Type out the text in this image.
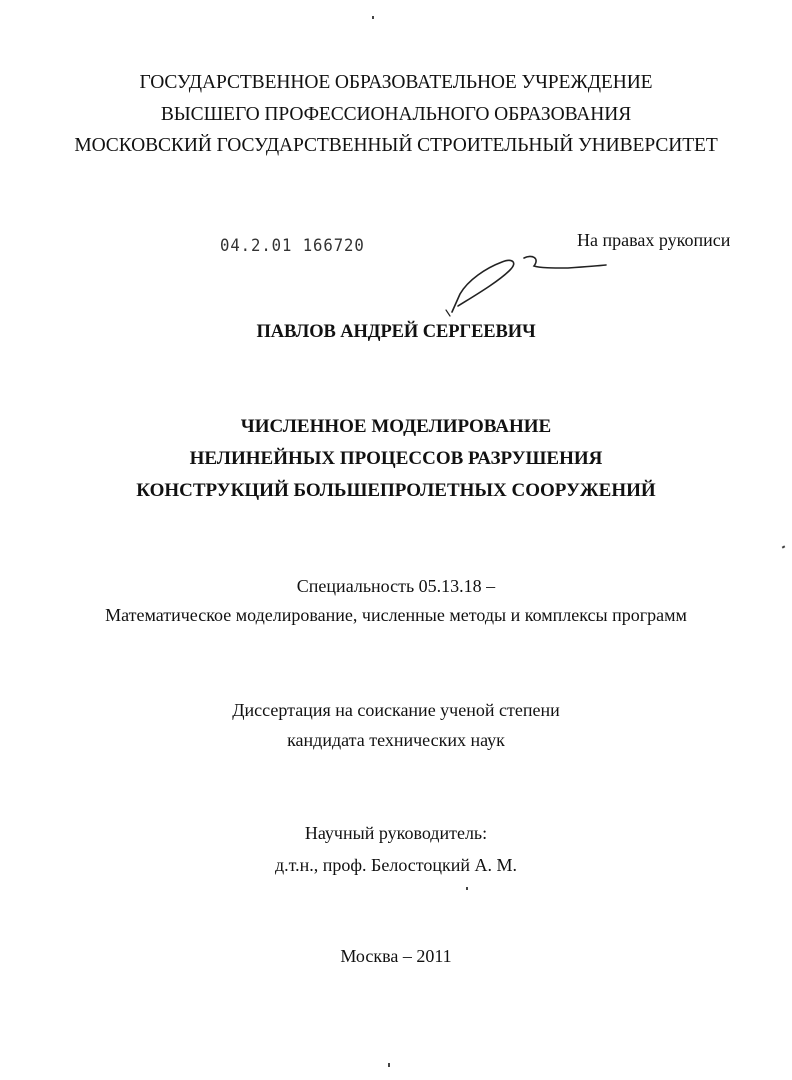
ГОСУДАРСТВЕННОЕ ОБРАЗОВАТЕЛЬНОЕ УЧРЕЖДЕНИЕ
ВЫСШЕГО ПРОФЕССИОНАЛЬНОГО ОБРАЗОВАНИЯ
МОСКОВСКИЙ ГОСУДАРСТВЕННЫЙ СТРОИТЕЛЬНЫЙ УНИВЕРСИТЕТ
04.2.01 166720	На правах рукописи
ПАВЛОВ АНДРЕЙ СЕРГЕЕВИЧ
ЧИСЛЕННОЕ МОДЕЛИРОВАНИЕ
НЕЛИНЕЙНЫХ ПРОЦЕССОВ РАЗРУШЕНИЯ
КОНСТРУКЦИЙ БОЛЬШЕПРОЛЕТНЫХ СООРУЖЕНИЙ
Специальность 05.13.18 –
Математическое моделирование, численные методы и комплексы программ
Диссертация на соискание ученой степени
кандидата технических наук
Научный руководитель:
д.т.н., проф. Белостоцкий А. М.
Москва – 2011
